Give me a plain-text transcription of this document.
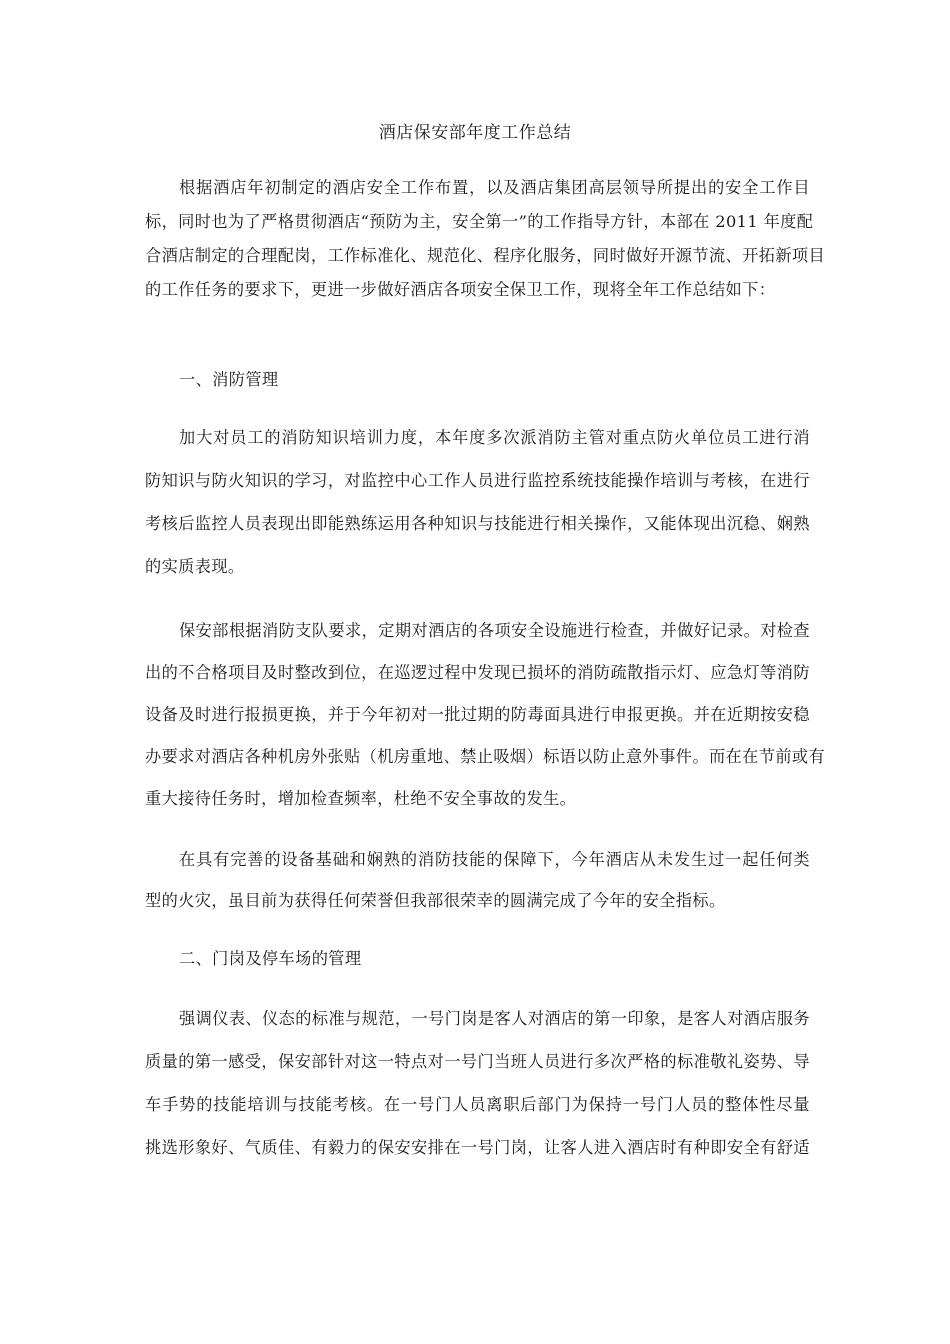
酒店保安部年度工作总结
根据酒店年初制定的酒店安全工作布置，以及酒店集团高层领导所提出的安全工作目
标，同时也为了严格贯彻酒店“预防为主，安全第一”的工作指导方针，本部在 2011 年度配
合酒店制定的合理配岗，工作标准化、规范化、程序化服务，同时做好开源节流、开拓新项目
的工作任务的要求下，更进一步做好酒店各项安全保卫工作，现将全年工作总结如下：
一、消防管理
加大对员工的消防知识培训力度，本年度多次派消防主管对重点防火单位员工进行消
防知识与防火知识的学习，对监控中心工作人员进行监控系统技能操作培训与考核，在进行
考核后监控人员表现出即能熟练运用各种知识与技能进行相关操作，又能体现出沉稳、娴熟
的实质表现。
保安部根据消防支队要求，定期对酒店的各项安全设施进行检查，并做好记录。对检查
出的不合格项目及时整改到位，在巡逻过程中发现已损坏的消防疏散指示灯、应急灯等消防
设备及时进行报损更换，并于今年初对一批过期的防毒面具进行申报更换。并在近期按安稳
办要求对酒店各种机房外张贴（机房重地、禁止吸烟）标语以防止意外事件。而在在节前或有
重大接待任务时，增加检查频率，杜绝不安全事故的发生。
在具有完善的设备基础和娴熟的消防技能的保障下，今年酒店从未发生过一起任何类
型的火灾，虽目前为获得任何荣誉但我部很荣幸的圆满完成了今年的安全指标。
二、门岗及停车场的管理
强调仪表、仪态的标准与规范，一号门岗是客人对酒店的第一印象，是客人对酒店服务
质量的第一感受，保安部针对这一特点对一号门当班人员进行多次严格的标准敬礼姿势、导
车手势的技能培训与技能考核。在一号门人员离职后部门为保持一号门人员的整体性尽量
挑选形象好、气质佳、有毅力的保安安排在一号门岗，让客人进入酒店时有种即安全有舒适
